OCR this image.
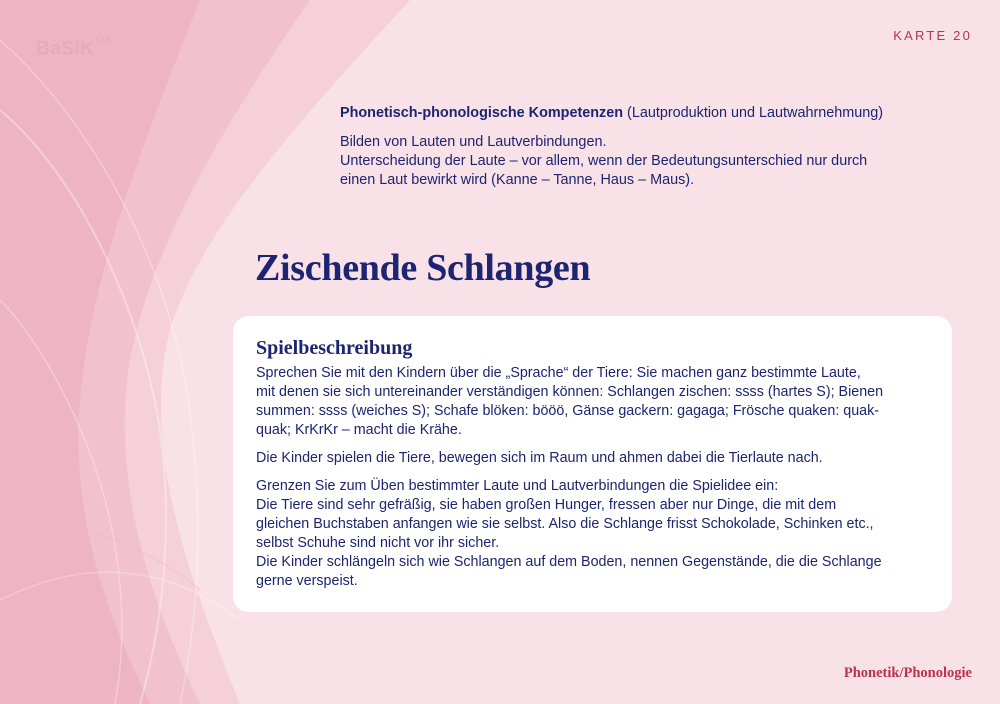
BaSiK$^{Ü3}$	KARTE 20
Phonetisch-phonologische Kompetenzen (Lautproduktion und Lautwahrnehmung)

Bilden von Lauten und Lautverbindungen.

Unterscheidung der Laute – vor allem, wenn der Bedeutungsunterschied nur durch

einen Laut bewirkt wird (Kanne – Tanne, Haus – Maus).

Zischende Schlangen
Spielbeschreibung

Sprechen Sie mit den Kindern über die „Sprache“ der Tiere: Sie machen ganz bestimmte Laute,
mit denen sie sich untereinander verständigen können: Schlangen zischen: ssss (hartes S); Bienen
summen: ssss (weiches S); Schafe blöken: bööö, Gänse gackern: gagaga; Frösche quaken: quak-
quak; KrKrKr – macht die Krähe.

Die Kinder spielen die Tiere, bewegen sich im Raum und ahmen dabei die Tierlaute nach.

Grenzen Sie zum Üben bestimmter Laute und Lautverbindungen die Spielidee ein:
Die Tiere sind sehr gefräßig, sie haben großen Hunger, fressen aber nur Dinge, die mit dem
gleichen Buchstaben anfangen wie sie selbst. Also die Schlange frisst Schokolade, Schinken etc.,
selbst Schuhe sind nicht vor ihr sicher.
Die Kinder schlängeln sich wie Schlangen auf dem Boden, nennen Gegenstände, die die Schlange
gerne verspeist.

Phonetik/Phonologie
